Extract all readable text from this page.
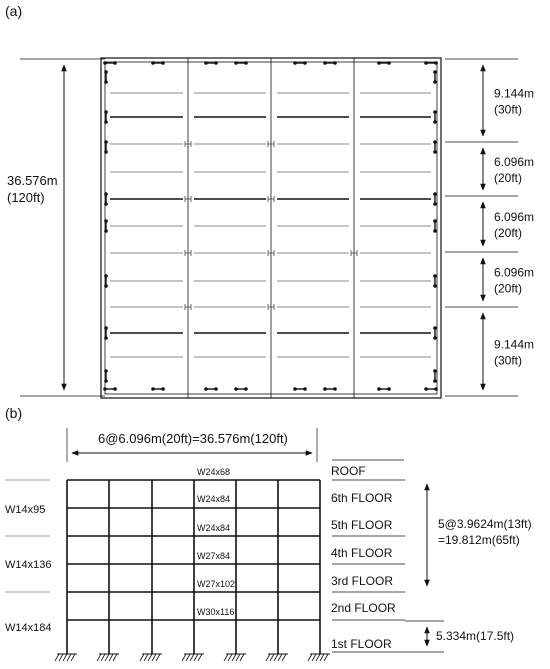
(a)
36.576m
(120ft)
9.144m
(30ft)
6.096m
(20ft)
6.096m
(20ft)
6.096m
(20ft)
9.144m
(30ft)
(b)
6@6.096m(20ft)=36.576m(120ft)
W24x68
W24x84
W24x84
W27x84
W27x102
W30x116
W14x95
W14x136
W14x184
ROOF
6th FLOOR
5th FLOOR
4th FLOOR
3rd FLOOR
2nd FLOOR
1st FLOOR
5@3.9624m(13ft)
=19.812m(65ft)
5.334m(17.5ft)
